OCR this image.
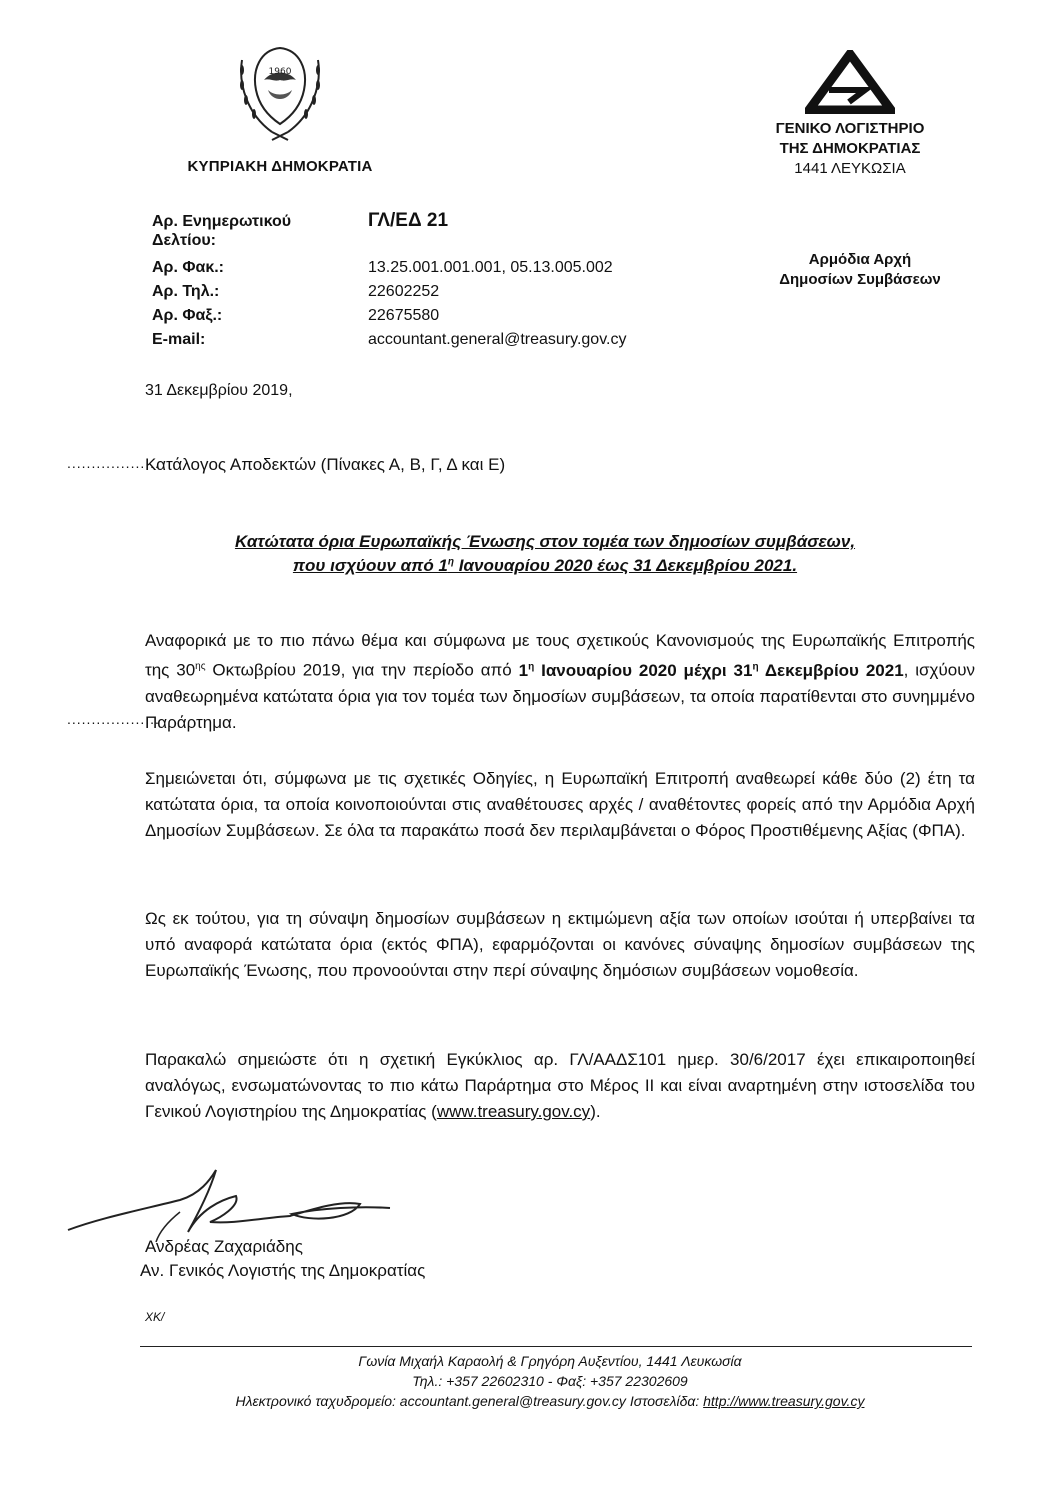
1960
ΚΥΠΡΙΑΚΗ ΔΗΜΟΚΡΑΤΙΑ
ΓΕΝΙΚΟ ΛΟΓΙΣΤΗΡΙΟ
ΤΗΣ ΔΗΜΟΚΡΑΤΙΑΣ
1441 ΛΕΥΚΩΣΙΑ
Αρ. Ενημερωτικού
Δελτίου:
ΓΛ/ΕΔ 21
Αρ. Φακ.:	13.25.001.001.001, 05.13.005.002
Αρ. Τηλ.:	22602252
Αρ. Φαξ.:	22675580
E-mail:	accountant.general@treasury.gov.cy
Αρμόδια Αρχή
Δημοσίων Συμβάσεων
31 Δεκεμβρίου 2019,
...................
Κατάλογος Αποδεκτών (Πίνακες Α, Β, Γ, Δ και Ε)
Κατώτατα όρια Ευρωπαϊκής Ένωσης στον τομέα των δημοσίων συμβάσεων,
που ισχύουν από $1^\eta$ Ιανουαρίου 2020 έως 31 Δεκεμβρίου 2021.
Αναφορικά με το πιο πάνω θέμα και σύμφωνα με τους σχετικούς Κανονισμούς της Ευρωπαϊκής Επιτροπής της $30^{\eta\varsigma}$ Οκτωβρίου 2019, για την περίοδο από $1^\eta$ Ιανουαρίου 2020 μέχρι $31^\eta$ Δεκεμβρίου 2021, ισχύουν αναθεωρημένα κατώτατα όρια για τον τομέα των δημοσίων συμβάσεων, τα οποία παρατίθενται στο συνημμένο Παράρτημα.
...................
Σημειώνεται ότι, σύμφωνα με τις σχετικές Οδηγίες, η Ευρωπαϊκή Επιτροπή αναθεωρεί κάθε δύο (2) έτη τα κατώτατα όρια, τα οποία κοινοποιούνται στις αναθέτουσες αρχές / αναθέτοντες φορείς από την Αρμόδια Αρχή Δημοσίων Συμβάσεων. Σε όλα τα παρακάτω ποσά δεν περιλαμβάνεται ο Φόρος Προστιθέμενης Αξίας (ΦΠΑ).
Ως εκ τούτου, για τη σύναψη δημοσίων συμβάσεων η εκτιμώμενη αξία των οποίων ισούται ή υπερβαίνει τα υπό αναφορά κατώτατα όρια (εκτός ΦΠΑ), εφαρμόζονται οι κανόνες σύναψης δημοσίων συμβάσεων της Ευρωπαϊκής Ένωσης, που προνοούνται στην περί σύναψης δημόσιων συμβάσεων νομοθεσία.
Παρακαλώ σημειώστε ότι η σχετική Εγκύκλιος αρ. ΓΛ/ΑΑΔΣ101 ημερ. 30/6/2017 έχει επικαιροποιηθεί αναλόγως, ενσωματώνοντας το πιο κάτω Παράρτημα στο Μέρος ΙΙ και είναι αναρτημένη στην ιστοσελίδα του Γενικού Λογιστηρίου της Δημοκρατίας (www.treasury.gov.cy).
Ανδρέας Ζαχαριάδης
Αν. Γενικός Λογιστής της Δημοκρατίας
ΧΚ/
Γωνία Μιχαήλ Καραολή & Γρηγόρη Αυξεντίου, 1441 Λευκωσία
Τηλ.: +357 22602310 - Φαξ: +357 22302609
Ηλεκτρονικό ταχυδρομείο: accountant.general@treasury.gov.cy Ιστοσελίδα: http://www.treasury.gov.cy
